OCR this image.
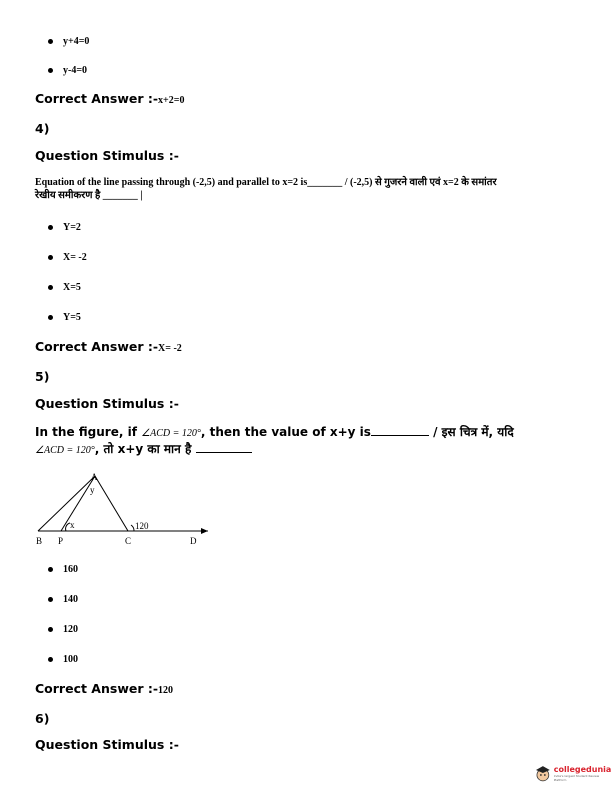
y+4=0
y-4=0
Correct Answer :-x+2=0
4)
Question Stimulus :-
Equation of the line passing through (-2,5) and parallel to x=2 is_______ / (-2,5) से गुजरने वाली एवं x=2 के समांतर
रेखीय समीकरण है _______ |
Y=2
X= -2
X=5
Y=5
Correct Answer :-X= -2
5)
Question Stimulus :-
In the figure, if ∠ACD = 120°, then the value of x+y is	/ इस चित्र में, यदि
∠ACD = 120°, तो x+y का मान है
A
y
x	120
B P	C	D
160
140
120
100
Correct Answer :-120
6)
Question Stimulus :-
collegedunia
India's largest Student Review Platform
